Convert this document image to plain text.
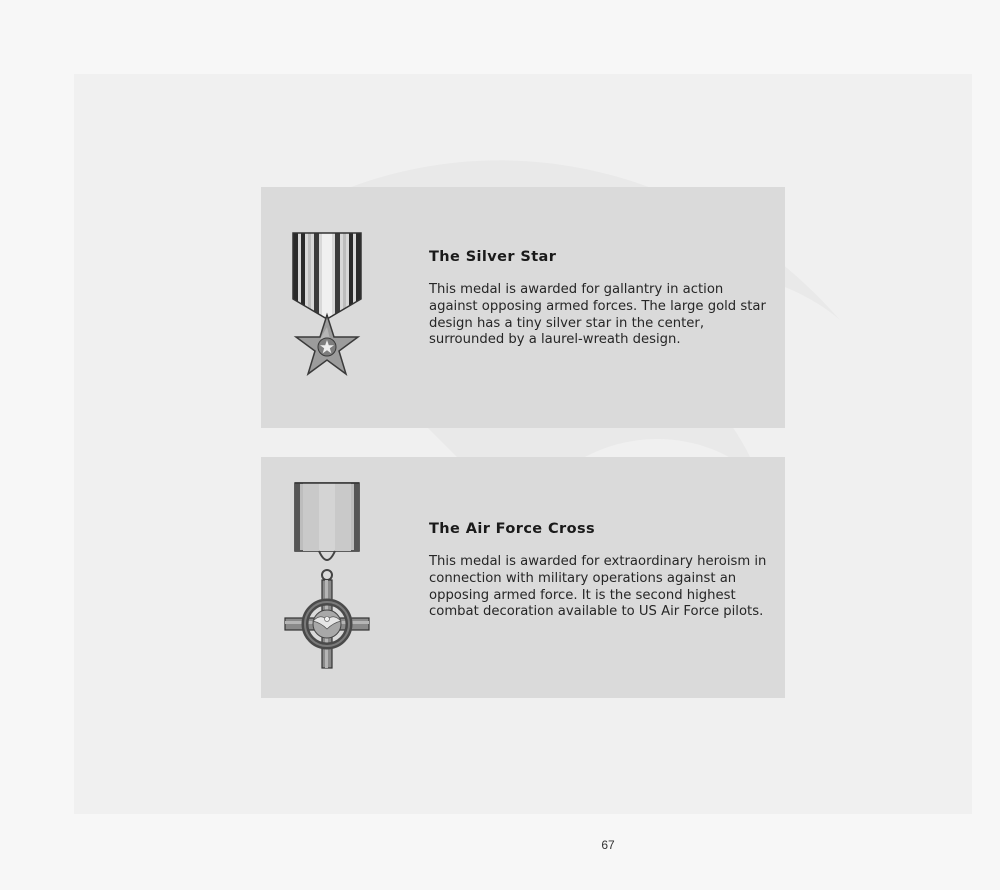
The Silver Star

This medal is awarded for gallantry in action against opposing armed forces. The large gold star design has a tiny silver star in the center, surrounded by a laurel-wreath design.

The Air Force Cross

This medal is awarded for extraordinary heroism in connection with military operations against an opposing armed force. It is the second highest combat decoration available to US Air Force pilots.

67
